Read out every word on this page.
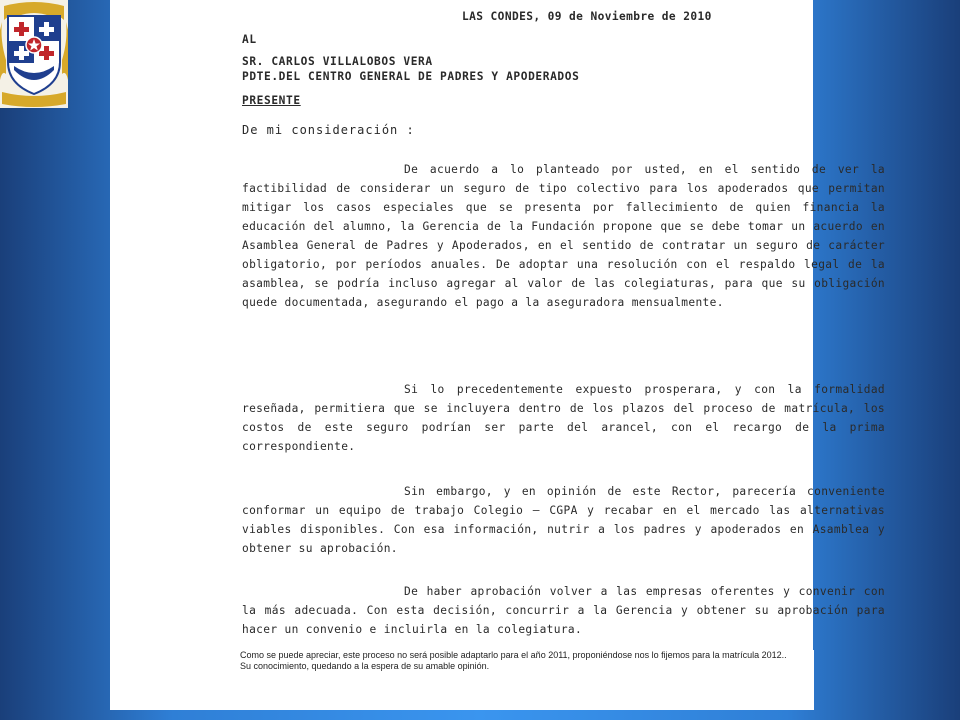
LAS CONDES, 09 de Noviembre de 2010
AL
SR. CARLOS VILLALOBOS VERA
PDTE.DEL CENTRO GENERAL DE PADRES Y APODERADOS
PRESENTE
De mi consideración :
De acuerdo a lo planteado por usted, en el sentido de ver la factibilidad de considerar un seguro de tipo colectivo para los apoderados que permitan mitigar los casos especiales que se presenta por fallecimiento de quien financia la educación del alumno, la Gerencia de la Fundación propone que se debe tomar un acuerdo en Asamblea General de Padres y Apoderados, en el sentido de contratar un seguro de carácter obligatorio, por períodos anuales. De adoptar una resolución con el respaldo legal de la asamblea, se podría incluso agregar al valor de las colegiaturas, para que su obligación quede documentada, asegurando el pago a la aseguradora mensualmente.
Si lo precedentemente expuesto prosperara, y con la formalidad reseñada, permitiera que se incluyera dentro de los plazos del proceso de matrícula, los costos de este seguro podrían ser parte del arancel, con el recargo de la prima correspondiente.
Sin embargo, y en opinión de este Rector, parecería conveniente conformar un equipo de trabajo Colegio – CGPA y recabar en el mercado las alternativas viables disponibles. Con esa información, nutrir a los padres y apoderados en Asamblea y obtener su aprobación.
De haber aprobación volver a las empresas oferentes y convenir con la más adecuada. Con esta decisión, concurrir a la Gerencia y obtener su aprobación para hacer un convenio e incluirla en la colegiatura.
Como se puede apreciar, este proceso no será posible adaptarlo para el año 2011, proponiéndose nos lo fijemos para la matrícula 2012..
Su conocimiento, quedando a la espera de su amable opinión.
